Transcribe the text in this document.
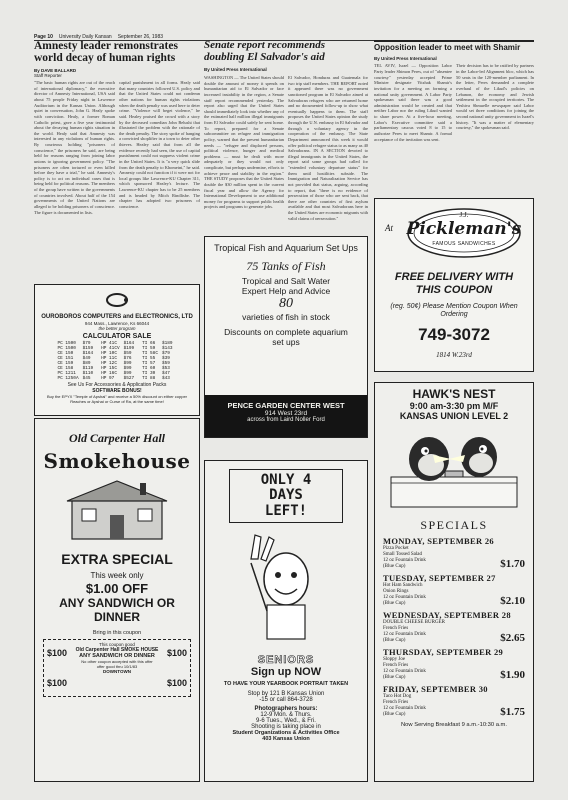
Page 10 University Daily Kansan September 26, 1983
Amnesty leader remonstrates world decay of human rights
By DAVE BALLARD
Staff Reporter
"The basic human rights are out of the reach of international diplomacy," the executive director of Amnesty International, USA said about 75 people Friday night in Lawrence Auditorium in the Kansas Union. Although quiet in conversation, John G. Healy spoke with conviction. Healy, a former Roman Catholic priest, gave a five year testimonial about the decaying human rights situation in the world. Healy said that Amnesty was interested in any violations of human rights. By courteous holding "prisoners of conscience," the prisoners he said, are being held for reasons ranging from joining labor unions to ignoring government policy. "The prisoners are often tortured or even killed before they have a trial," he said. Amnesty's policy is to act on individual cases that is being held for political reasons. The members of the group have written to the governments of countries involved. About half of the 154 governments of the United Nations are alleged to be holding prisoners of conscience. The figure is documented in lists.
capital punishment in all forms. Healy said that many countries followed U.S. policy and that the United States could not condemn other nations for human rights violations when the death penalty was used here to deter crime. "Violence will beget violence," he said. Healey praised the crowd with a story by the deceased comedian John Belushi that illustrated the problem with the rationale of the death penalty. The story spoke of hanging a convicted shoplifter in a town to deter other thieves. Healey said that from all the evidence recently had seen, the use of capital punishment could not suppress violent crime in the United States. It is "a very quick slide from the death penalty to Khomeini," he said. Amnesty could not function if it were not for local groups like Lawrence-KU Chapter 311, which sponsored Healey's lecture. The Lawrence-KU chapter has to be 25 members and is headed by Mitch Rindlisbe. The chapter has adopted two prisoners of conscience.
OUROBOROS COMPUTERS and ELECTRONICS, LTD
944 Mass., Lawrence, Ks 66044
the better program
CALCULATOR SALE
PC 1500	$79	HP 41C	$164	TI 66	$189
PC 1500	$159	HP 41CV	$199	TI 59	$143
CE 150	$164	HP 10C	$59	TI 58C	$79
CE 151	$49	HP 11C	$76	TI 55	$39
CE 159	$89	HP 12C	$99	TI 57	$59
CE 158	$119	HP 15C	$99	TI 60	$53
PC 1211	$110	HP 16C	$99	TI 30	$47
PC 1250A	$45	HP 97	$527	TI 88	$43
See Us For Accessories & Application Packs
SOFTWARE BONUS!
Buy the EPYX "Temple of Apshai" and receive a 50% discount on either copper Reaches or Apshai or Curse of Ra, at the same time!
Old Carpenter Hall
Smokehouse
EXTRA SPECIAL
This week only
$1.00 OFF
ANY SANDWICH OR DINNER
Bring in this coupon
$100	$100
$100	$100
This coupon good
Old Carpenter Hall SMOKE HOUSE
ANY SANDWICH OR DINNER
No other coupon accepted with this offer
offer good thru 10/1/83
DOWNTOWN
Senate report recommends doubling El Salvador's aid
By United Press International
WASHINGTON — The United States should double the amount of money it spends on humanitarian aid to El Salvador or face increased instability in the region, a Senate staff report recommended yesterday. The report also urged that the United States should immediately look into whether any of the estimated half million illegal immigrants from El Salvador could safely be sent home. To report, prepared for a Senate subcommittee on refugee and immigration policy, warned that the present humanitarian needs — "refugee and displaced persons, political violence, hunger and medical problems — must be dealt with more adequately or they would not only complicate, but perhaps undermine, efforts to achieve peace and stability in the region." THE STUDY proposes that the United States double the $30 million spent in the current fiscal year and allow the Agency for International Development to use additional money for programs to support public health projects and programs to generate jobs.
El Salvador, Honduras and Guatemala for two trip staff members. THE REPORT noted it appeared there was no government sanctioned program in El Salvador aimed at Salvadoran refugees who are returned home and no documented follow-up to show what eventually happens to them. The staff proposes the United States opinion the study through the U.N. embassy in El Salvador and through a voluntary agency in the cooperation of the embassy. The State Department announced this week it would offer political refugee status to as many as 40 Salvadorans. IN A SECTION devoted to illegal immigrants in the United States, the report said some groups had called for "extended voluntary departure status" for them until hostilities subside. The Immigration and Naturalization Service has not provided that status, arguing, according to report, that "there is no evidence of persecution of those who are sent back, that there are other countries of first asylum available and that most Salvadorans here in the United States are economic migrants with valid claims of persecution."
Tropical Fish and Aquarium Set Ups
75 Tanks of Fish
Tropical and Salt Water
Expert Help and Advice
80
varieties of fish in stock
Discounts on complete aquarium set ups
PENCE GARDEN CENTER WEST
914 West 23rd
across from Laird Noller Ford
ONLY 4 DAYS LEFT!
SENIORS
Sign up NOW
TO HAVE YOUR YEARBOOK PORTRAIT TAKEN
Stop by 121 B Kansas Union
-15 or call 864-3728
Photographers hours:
12-9 Mon. & Thurs.
9-6 Tues., Wed., & Fri.
Shooting is taking place in
Student Organizations & Activities Office
403 Kansas Union
Opposition leader to meet with Shamir
By United Press International
TEL AVIV, Israel — Opposition Labor Party leader Shimon Peres, out of "absentee courtesy" yesterday accepted Prime Minister designate Yitzhak Shamir's invitation for a meeting on forming a national unity government. A Labor Party spokesman said there was a good administration would be created and that neither Labor nor the ruling Likud wanted to share power. At a five-hour meeting, Labor's Executive committee said a parliamentary caucus voted 8 to 15 to authorize Peres to meet Shamir. A formal acceptance of the invitation was sent.
Their decision has to be ratified by partners in the Labor-led Alignment bloc, which has 50 seats in the 120-member parliament. In the letter, Peres demanded a complete overhaul of the Likud's policies on Lebanon, the economy and Jewish settlement in the occupied territories. The Yeshiva Shmuelle newspaper said Labor would set three conditions for joining the second national unity government in Israel's history. "It was a matter of elementary courtesy," the spokesman said.
At
J.J.
Pickleman's
FAMOUS SANDWICHES
FREE DELIVERY WITH THIS COUPON
(reg. 50¢) Please Mention Coupon When Ordering
749-3072
1814 W.23rd
HAWK'S NEST
9:00 am-3:30 pm M/F
KANSAS UNION LEVEL 2
SPECIALS
MONDAY, SEPTEMBER 26
Pizza Pocket
Small Tossed Salad
12 oz Fountain Drink
(Blue Cup)	$1.70
TUESDAY, SEPTEMBER 27
Hot Ham Sandwich
Onion Rings
12 oz Fountain Drink
(Blue Cup)	$2.10
WEDNESDAY, SEPTEMBER 28
DOUBLE CHEESE BURGER
French Fries
12 oz Fountain Drink
(Blue Cup)	$2.65
THURSDAY, SEPTEMBER 29
Sloppy Joe
French Fries
12 oz Fountain Drink
(Blue Cup)	$1.90
FRIDAY, SEPTEMBER 30
Taco Hot Dog
French Fries
12 oz Fountain Drink
(Blue Cup)	$1.75
Now Serving Breakfast 9 a.m.-10:30 a.m.
